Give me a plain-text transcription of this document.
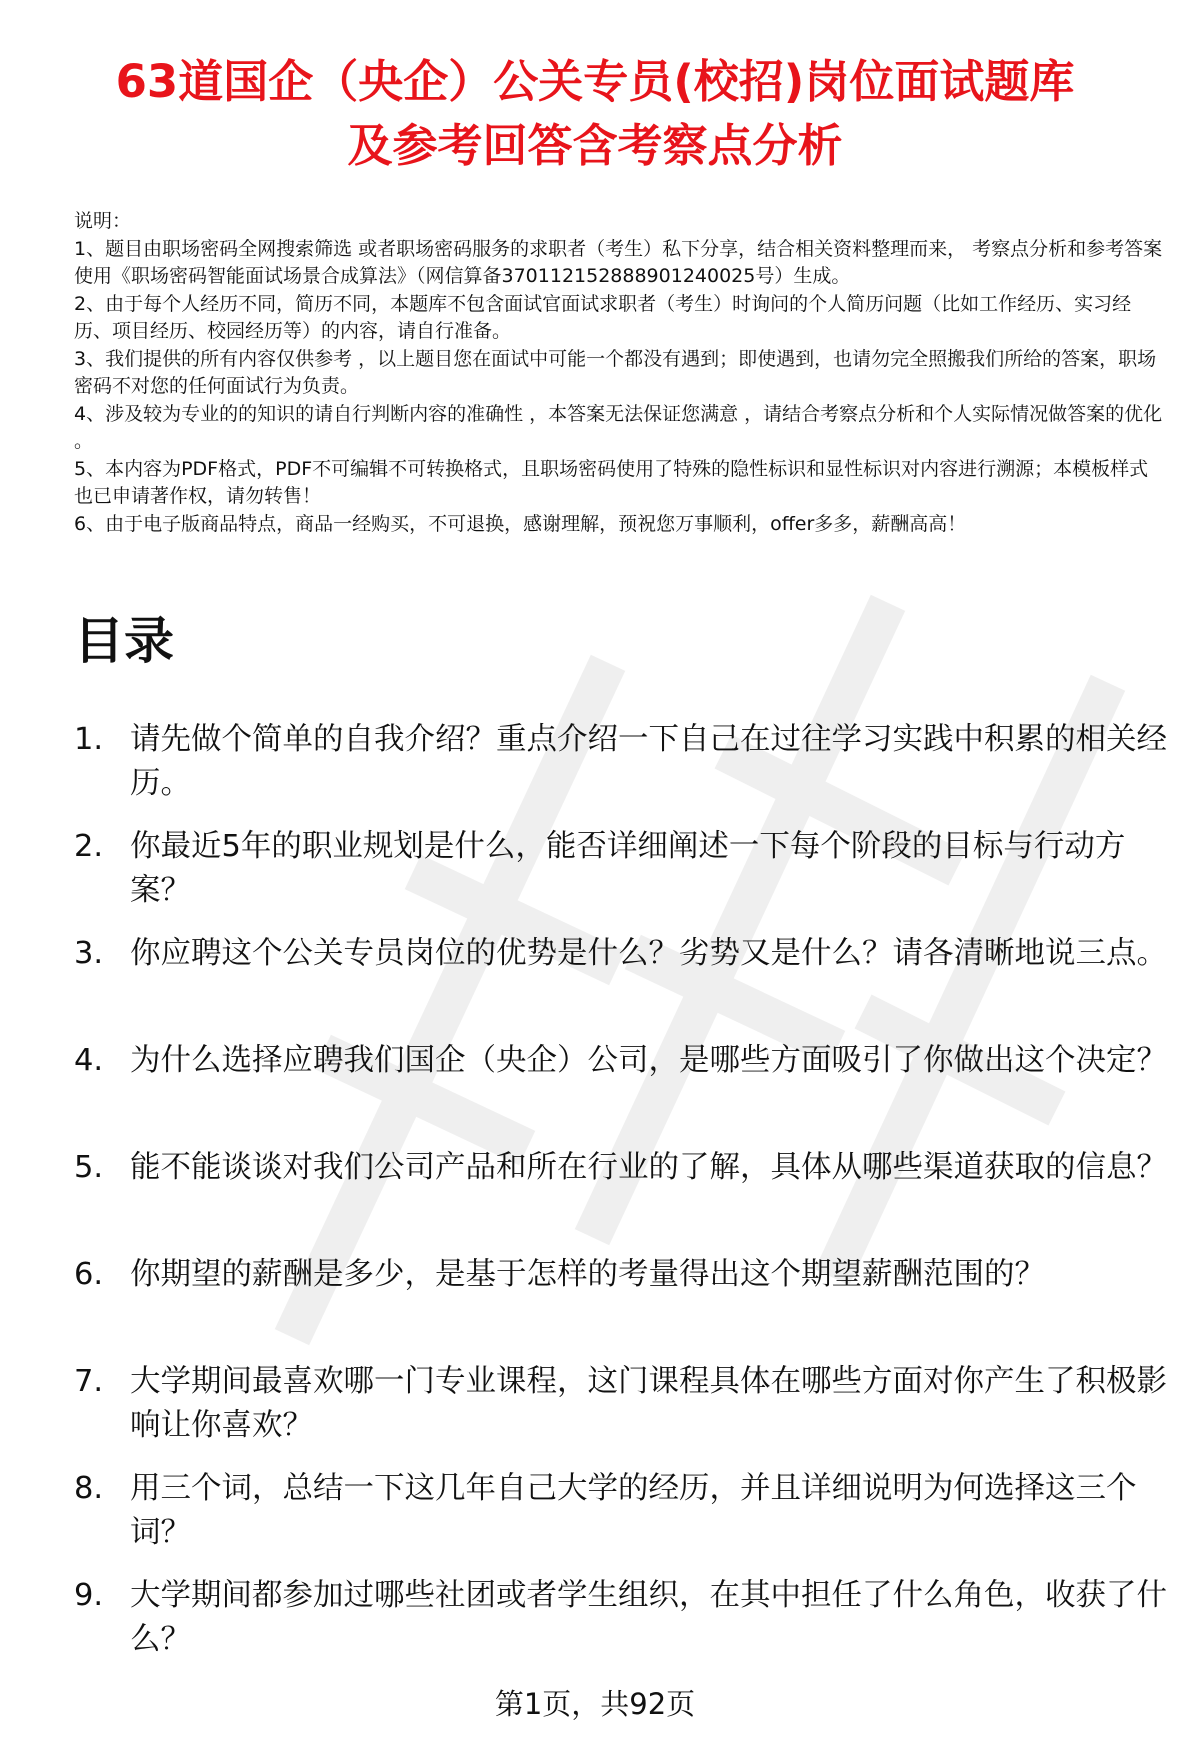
63道国企（央企）公关专员(校招)岗位面试题库
及参考回答含考察点分析

说明：

1、题目由职场密码全网搜索筛选 或者职场密码服务的求职者（考生）私下分享，结合相关资料整理而来， 考察点分析和参考答案使用《职场密码智能面试场景合成算法》（网信算备370112152888901240025号）生成。

2、由于每个人经历不同，简历不同，本题库不包含面试官面试求职者（考生）时询问的个人简历问题（比如工作经历、实习经历、项目经历、校园经历等）的内容，请自行准备。

3、我们提供的所有内容仅供参考 ，以上题目您在面试中可能一个都没有遇到；即使遇到，也请勿完全照搬我们所给的答案，职场密码不对您的任何面试行为负责。

4、涉及较为专业的的知识的请自行判断内容的准确性 ，本答案无法保证您满意 ，请结合考察点分析和个人实际情况做答案的优化 。

5、本内容为PDF格式，PDF不可编辑不可转换格式，且职场密码使用了特殊的隐性标识和显性标识对内容进行溯源；本模板样式也已申请著作权，请勿转售！

6、由于电子版商品特点，商品一经购买，不可退换，感谢理解，预祝您万事顺利，offer多多，薪酬高高！

目录
1. 请先做个简单的自我介绍？重点介绍一下自己在过往学习实践中积累的相关经历。
2. 你最近5年的职业规划是什么，能否详细阐述一下每个阶段的目标与行动方案？
3. 你应聘这个公关专员岗位的优势是什么？劣势又是什么？请各清晰地说三点。
4. 为什么选择应聘我们国企（央企）公司，是哪些方面吸引了你做出这个决定？
5. 能不能谈谈对我们公司产品和所在行业的了解，具体从哪些渠道获取的信息？
6. 你期望的薪酬是多少，是基于怎样的考量得出这个期望薪酬范围的？
7. 大学期间最喜欢哪一门专业课程，这门课程具体在哪些方面对你产生了积极影响让你喜欢？
8. 用三个词，总结一下这几年自己大学的经历，并且详细说明为何选择这三个词？
9. 大学期间都参加过哪些社团或者学生组织，在其中担任了什么角色，收获了什么？
第1页，共92页
